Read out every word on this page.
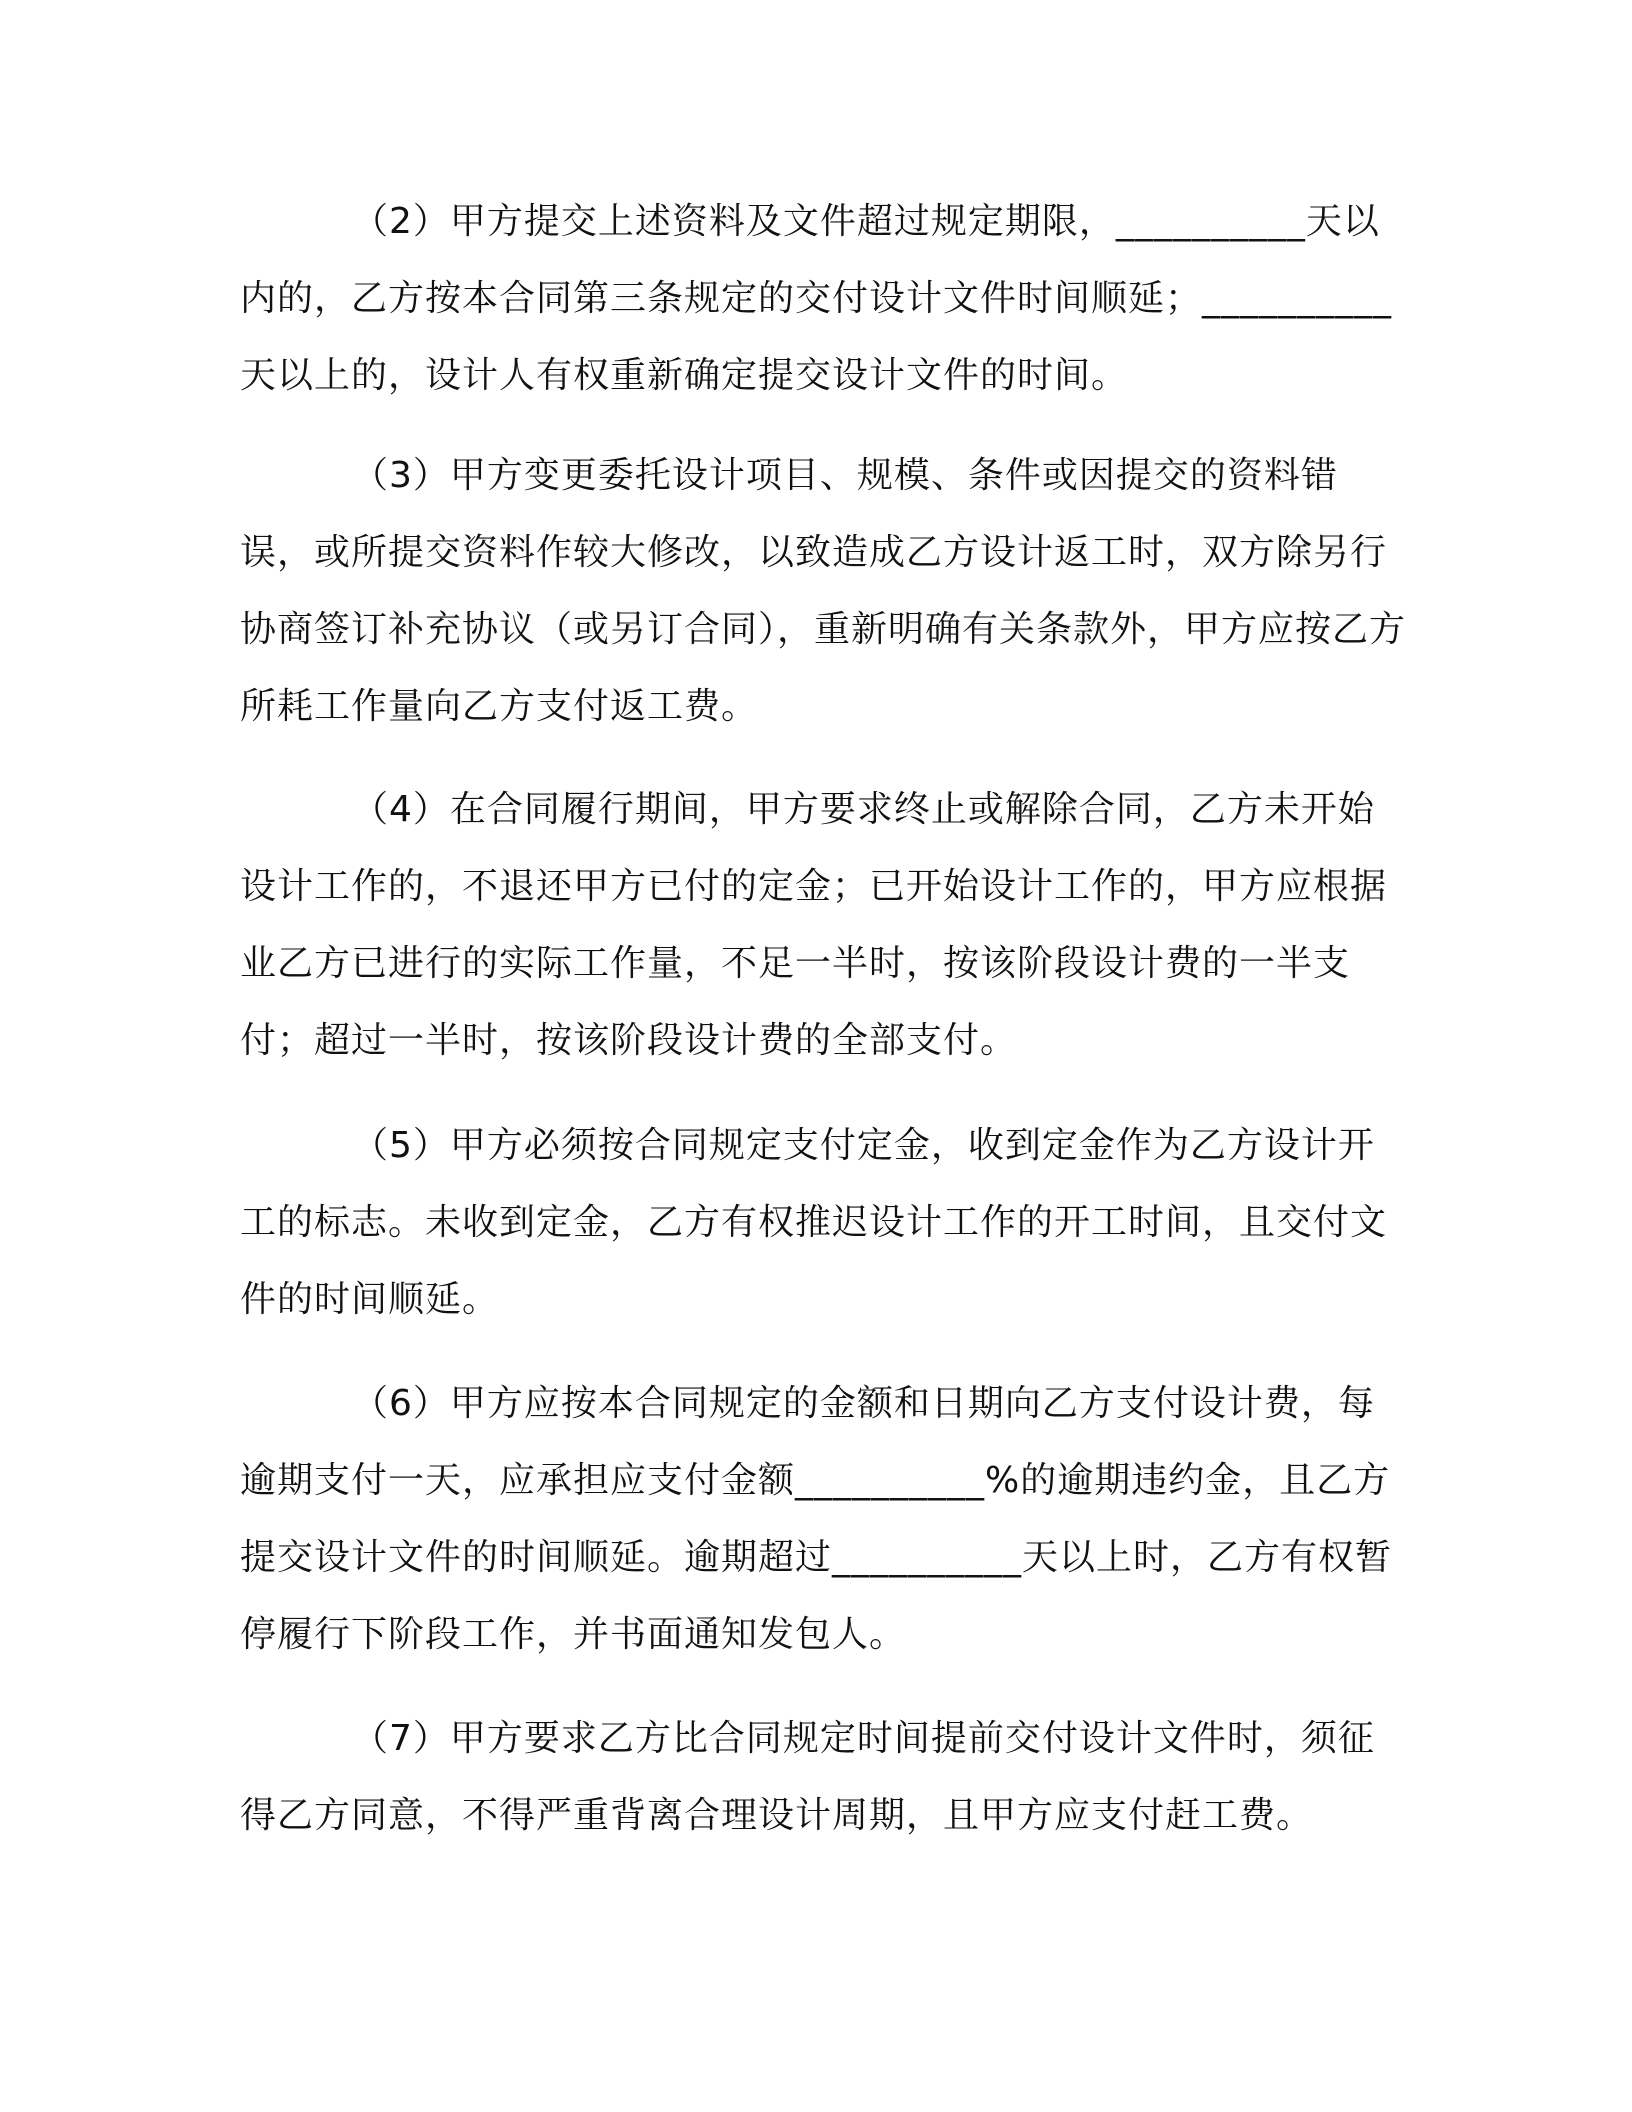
（2）甲方提交上述资料及文件超过规定期限，__________天以内的，乙方按本合同第三条规定的交付设计文件时间顺延；__________天以上的，设计人有权重新确定提交设计文件的时间。

（3）甲方变更委托设计项目、规模、条件或因提交的资料错误，或所提交资料作较大修改，以致造成乙方设计返工时，双方除另行协商签订补充协议（或另订合同），重新明确有关条款外，甲方应按乙方所耗工作量向乙方支付返工费。

（4）在合同履行期间，甲方要求终止或解除合同，乙方未开始设计工作的，不退还甲方已付的定金；已开始设计工作的，甲方应根据业乙方已进行的实际工作量，不足一半时，按该阶段设计费的一半支付；超过一半时，按该阶段设计费的全部支付。

（5）甲方必须按合同规定支付定金，收到定金作为乙方设计开工的标志。未收到定金，乙方有权推迟设计工作的开工时间，且交付文件的时间顺延。

（6）甲方应按本合同规定的金额和日期向乙方支付设计费，每逾期支付一天，应承担应支付金额__________%的逾期违约金，且乙方提交设计文件的时间顺延。逾期超过__________天以上时，乙方有权暂停履行下阶段工作，并书面通知发包人。

（7）甲方要求乙方比合同规定时间提前交付设计文件时，须征得乙方同意，不得严重背离合理设计周期，且甲方应支付赶工费。
